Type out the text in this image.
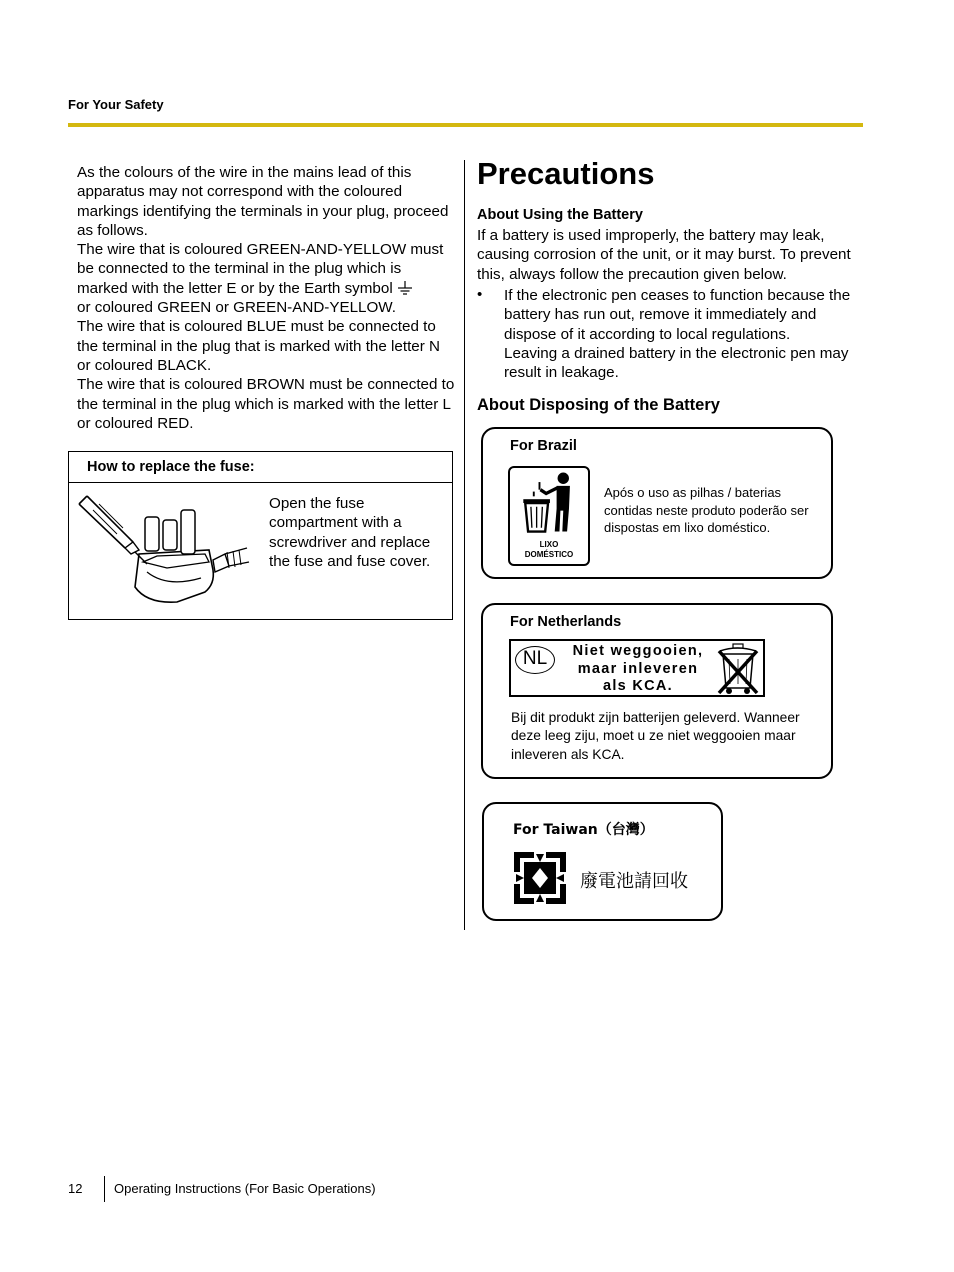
For Your Safety

As the colours of the wire in the mains lead of this apparatus may not correspond with the coloured markings identifying the terminals in your plug, proceed as follows.

The wire that is coloured GREEN-AND-YELLOW must be connected to the terminal in the plug which is marked with the letter E or by the Earth symbol

or coloured GREEN or GREEN-AND-YELLOW.

The wire that is coloured BLUE must be connected to the terminal in the plug that is marked with the letter N or coloured BLACK.

The wire that is coloured BROWN must be connected to the terminal in the plug which is marked with the letter L or coloured RED.

How to replace the fuse:
Open the fuse compartment with a screwdriver and replace the fuse and fuse cover.
Precautions
About Using the Battery
If a battery is used improperly, the battery may leak, causing corrosion of the unit, or it may burst. To prevent this, always follow the precaution given below.
• If the electronic pen ceases to function because the battery has run out, remove it immediately and dispose of it according to local regulations.

Leaving a drained battery in the electronic pen may result in leakage.

About Disposing of the Battery
For Brazil
LIXO
DOMÉSTICO
Após o uso as pilhas / baterias contidas neste produto poderão ser dispostas em lixo doméstico.
For Netherlands
NL	Niet weggooien,
maar inleveren
als KCA.
Bij dit produkt zijn batterijen geleverd. Wanneer deze leeg ziju, moet u ze niet weggooien maar inleveren als KCA.
For Taiwan（台灣）
廢電池請回收
12 Operating Instructions (For Basic Operations)
